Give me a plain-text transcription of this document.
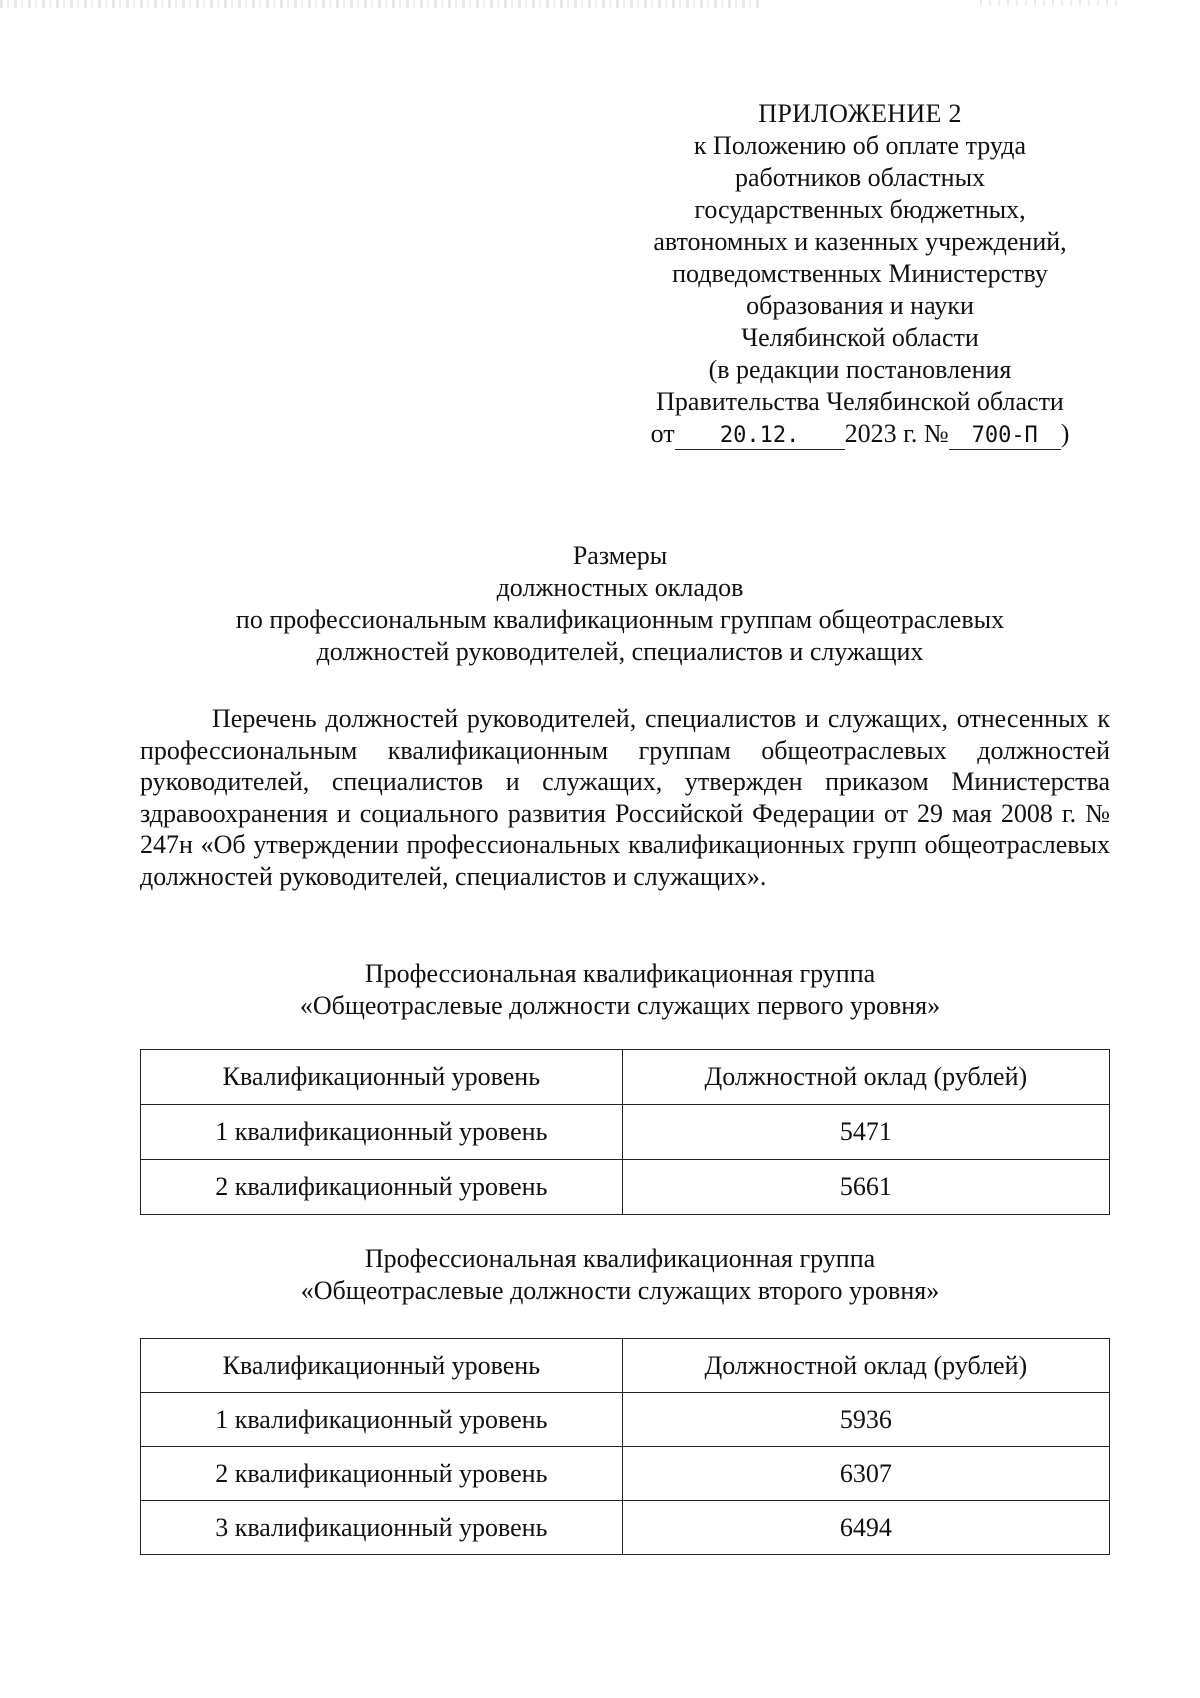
ПРИЛОЖЕНИЕ 2
к Положению об оплате труда
работников областных
государственных бюджетных,
автономных и казенных учреждений,
подведомственных Министерству
образования и науки
Челябинской области
(в редакции постановления
Правительства Челябинской области
от 20.12. 2023 г. № 700-П )
Размеры
должностных окладов
по профессиональным квалификационным группам общеотраслевых
должностей руководителей, специалистов и служащих
Перечень должностей руководителей, специалистов и служащих, отнесенных к профессиональным квалификационным группам общеотраслевых должностей руководителей, специалистов и служащих, утвержден приказом Министерства здравоохранения и социального развития Российской Федерации от 29 мая 2008 г. № 247н «Об утверждении профессиональных квалификационных групп общеотраслевых должностей руководителей, специалистов и служащих».
Профессиональная квалификационная группа
«Общеотраслевые должности служащих первого уровня»
Квалификационный уровень	Должностной оклад (рублей)
1 квалификационный уровень	5471
2 квалификационный уровень	5661
Профессиональная квалификационная группа
«Общеотраслевые должности служащих второго уровня»
Квалификационный уровень	Должностной оклад (рублей)
1 квалификационный уровень	5936
2 квалификационный уровень	6307
3 квалификационный уровень	6494
